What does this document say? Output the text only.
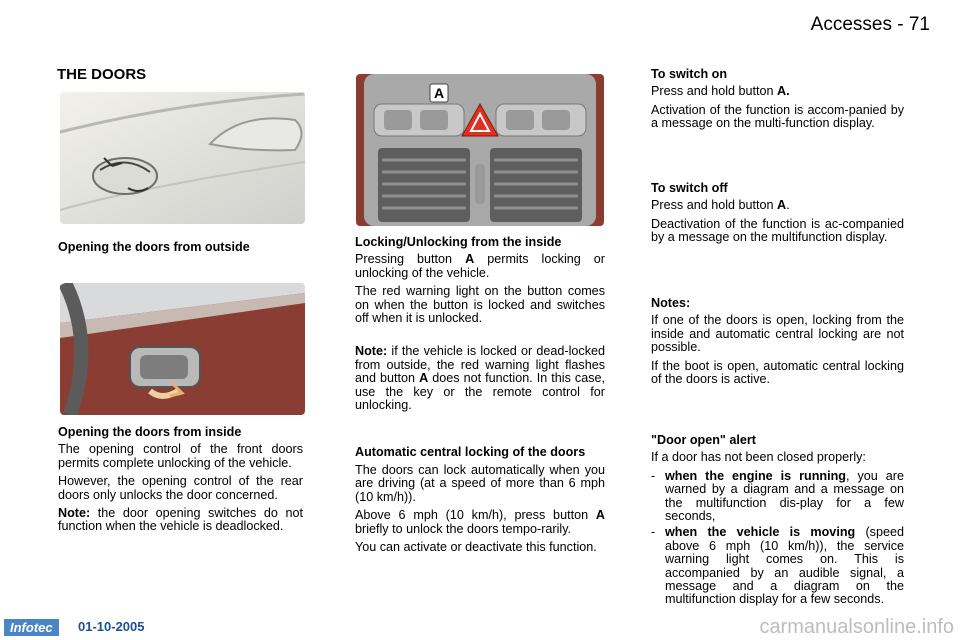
Accesses - 71
THE DOORS
Opening the doors from outside
Opening the doors from inside

The opening control of the front doors permits complete unlocking of the vehicle.

However, the opening control of the rear doors only unlocks the door concerned.

Note: the door opening switches do not function when the vehicle is deadlocked.

A
Locking/Unlocking from the inside

Pressing button A permits locking or unlocking of the vehicle.

The red warning light on the button comes on when the button is locked and switches off when it is unlocked.

Note: if the vehicle is locked or dead-locked from outside, the red warning light flashes and button A does not function. In this case, use the key or the remote control for unlocking.

Automatic central locking of the doors

The doors can lock automatically when you are driving (at a speed of more than 6 mph (10 km/h)).

Above 6 mph (10 km/h), press button A briefly to unlock the doors tempo-rarily.

You can activate or deactivate this function.

To switch on

Press and hold button A.

Activation of the function is accom-panied by a message on the multi-function display.

To switch off

Press and hold button A.

Deactivation of the function is ac-companied by a message on the multifunction display.

Notes:

If one of the doors is open, locking from the inside and automatic central locking are not possible.

If the boot is open, automatic central locking of the doors is active.

"Door open" alert

If a door has not been closed properly:

- when the engine is running, you are warned by a diagram and a message on the multifunction dis-play for a few seconds,
- when the vehicle is moving (speed above 6 mph (10 km/h)), the service warning light comes on. This is accompanied by an audible signal, a message and a diagram on the multifunction display for a few seconds.
Infotec	01-10-2005	carmanualsonline.info
